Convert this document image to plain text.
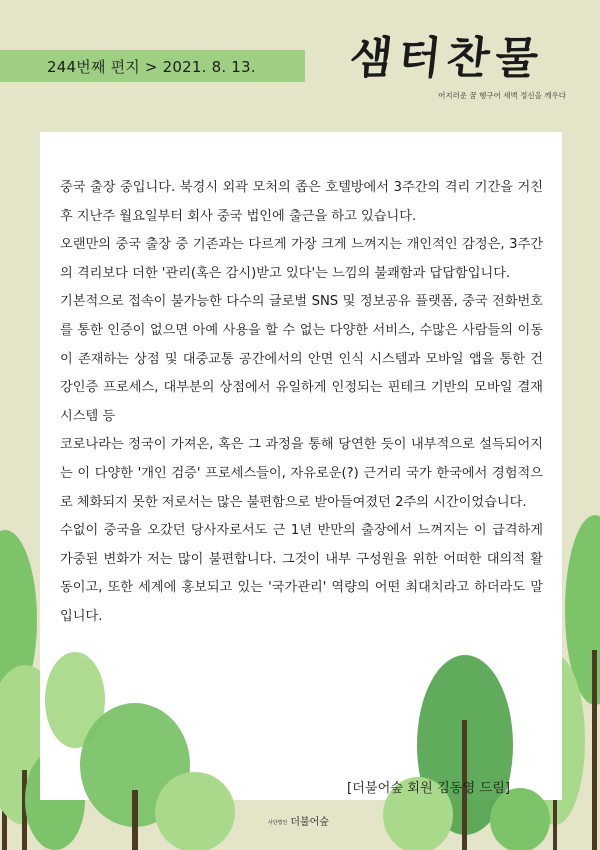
244번째 편지 > 2021. 8. 13. 샘터찬물
어지러운 꿈 헹구어 새벽 정신을 깨우다

중국 출장 중입니다. 북경시 외곽 모처의 좁은 호텔방에서 3주간의 격리 기간을 거친 후 지난주 월요일부터 회사 중국 법인에 출근을 하고 있습니다.

오랜만의 중국 출장 중 기존과는 다르게 가장 크게 느껴지는 개인적인 감정은, 3주간의 격리보다 더한 '관리(혹은 감시)받고 있다'는 느낌의 불쾌함과 답답함입니다.

기본적으로 접속이 불가능한 다수의 글로벌 SNS 및 정보공유 플랫폼, 중국 전화번호를 통한 인증이 없으면 아예 사용을 할 수 없는 다양한 서비스, 수많은 사람들의 이동이 존재하는 상점 및 대중교통 공간에서의 안면 인식 시스템과 모바일 앱을 통한 건강인증 프로세스, 대부분의 상점에서 유일하게 인정되는 핀테크 기반의 모바일 결재 시스템 등

코로나라는 정국이 가져온, 혹은 그 과정을 통해 당연한 듯이 내부적으로 설득되어지는 이 다양한 '개인 검증' 프로세스들이, 자유로운(?) 근거리 국가 한국에서 경험적으로 체화되지 못한 저로서는 많은 불편함으로 받아들여졌던 2주의 시간이었습니다.

수없이 중국을 오갔던 당사자로서도 근 1년 반만의 출장에서 느껴지는 이 급격하게 가중된 변화가 저는 많이 불편합니다. 그것이 내부 구성원을 위한 어떠한 대의적 활동이고, 또한 세계에 홍보되고 있는 '국가관리' 역량의 어떤 최대치라고 하더라도 말입니다.

[더불어숲 회원 김동영 드림]
사단법인 더불어숲
